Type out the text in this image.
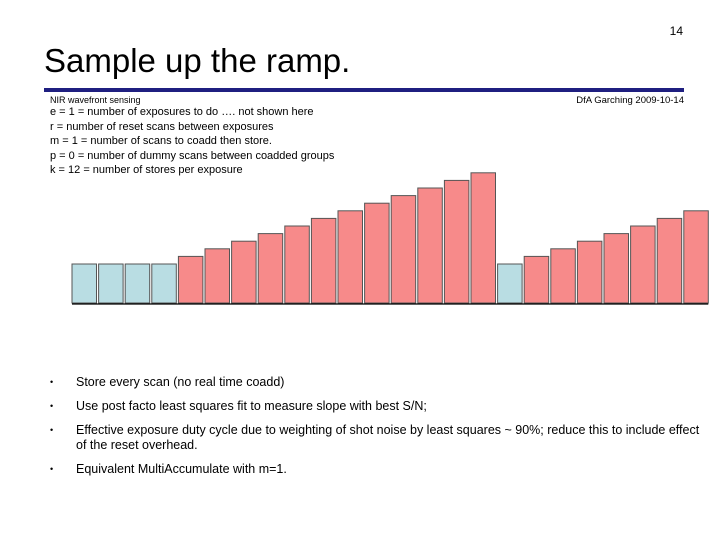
14
Sample up the ramp.
NIR wavefront sensing	DfA Garching 2009-10-14
e = 1 = number of exposures to do …. not shown here
r = number of reset scans between exposures
m = 1 = number of scans to coadd then store.
p = 0 = number of dummy scans between coadded groups
k = 12 = number of stores per exposure
• Store every scan (no real time coadd)
• Use post facto least squares fit to measure slope with best S/N;
• Effective exposure duty cycle due to weighting of shot noise by least squares ~ 90%; reduce this to include effect of the reset overhead.
• Equivalent MultiAccumulate with m=1.
